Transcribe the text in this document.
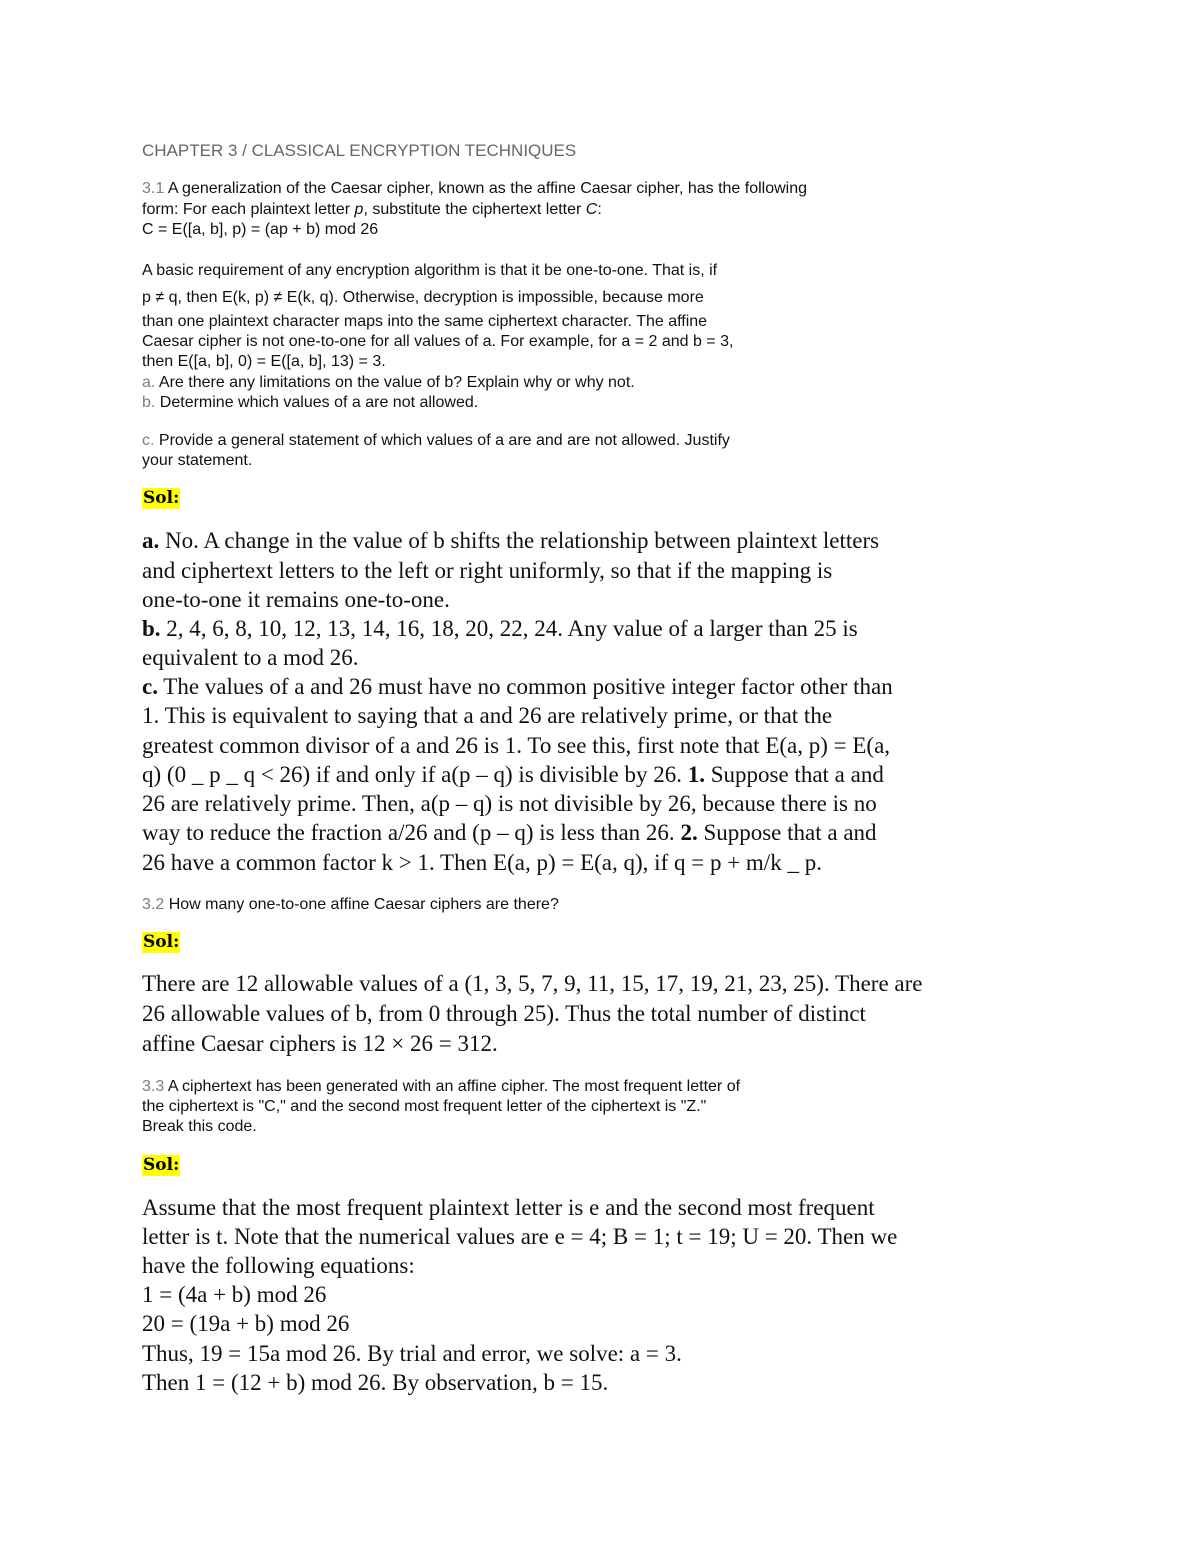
CHAPTER 3 / CLASSICAL ENCRYPTION TECHNIQUES
3.1 A generalization of the Caesar cipher, known as the affine Caesar cipher, has the following
form: For each plaintext letter p, substitute the ciphertext letter C:
C = E([a, b], p) = (ap + b) mod 26
A basic requirement of any encryption algorithm is that it be one-to-one. That is, if
p ≠ q, then E(k, p) ≠ E(k, q). Otherwise, decryption is impossible, because more
than one plaintext character maps into the same ciphertext character. The affine
Caesar cipher is not one-to-one for all values of a. For example, for a = 2 and b = 3,
then E([a, b], 0) = E([a, b], 13) = 3.
a. Are there any limitations on the value of b? Explain why or why not.
b. Determine which values of a are not allowed.
c. Provide a general statement of which values of a are and are not allowed. Justify
your statement.
Sol:
a. No. A change in the value of b shifts the relationship between plaintext letters
and ciphertext letters to the left or right uniformly, so that if the mapping is
one-to-one it remains one-to-one.
b. 2, 4, 6, 8, 10, 12, 13, 14, 16, 18, 20, 22, 24. Any value of a larger than 25 is
equivalent to a mod 26.
c. The values of a and 26 must have no common positive integer factor other than
1. This is equivalent to saying that a and 26 are relatively prime, or that the
greatest common divisor of a and 26 is 1. To see this, first note that E(a, p) = E(a,
q) (0 _ p _ q < 26) if and only if a(p – q) is divisible by 26. 1. Suppose that a and
26 are relatively prime. Then, a(p – q) is not divisible by 26, because there is no
way to reduce the fraction a/26 and (p – q) is less than 26. 2. Suppose that a and
26 have a common factor k > 1. Then E(a, p) = E(a, q), if q = p + m/k _ p.
3.2 How many one-to-one affine Caesar ciphers are there?
Sol:
There are 12 allowable values of a (1, 3, 5, 7, 9, 11, 15, 17, 19, 21, 23, 25). There are
26 allowable values of b, from 0 through 25). Thus the total number of distinct
affine Caesar ciphers is 12 × 26 = 312.
3.3 A ciphertext has been generated with an affine cipher. The most frequent letter of
the ciphertext is "C," and the second most frequent letter of the ciphertext is "Z."
Break this code.
Sol:
Assume that the most frequent plaintext letter is e and the second most frequent
letter is t. Note that the numerical values are e = 4; B = 1; t = 19; U = 20. Then we
have the following equations:
1 = (4a + b) mod 26
20 = (19a + b) mod 26
Thus, 19 = 15a mod 26. By trial and error, we solve: a = 3.
Then 1 = (12 + b) mod 26. By observation, b = 15.
